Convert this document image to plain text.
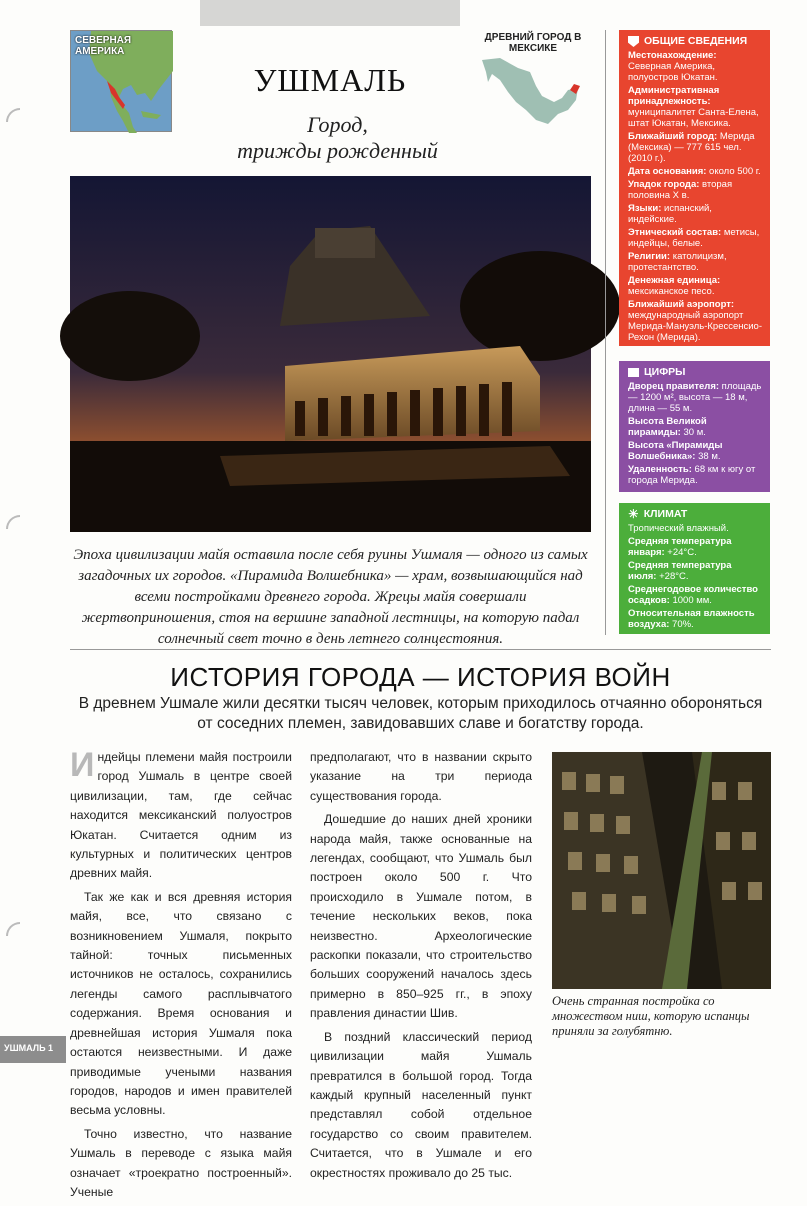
СЕВЕРНАЯ АМЕРИКА
УШМАЛЬ
Город,
трижды рожденный
ДРЕВНИЙ ГОРОД В МЕКСИКЕ
Эпоха цивилизации майя оставила после себя руины Ушмаля — одного из самых загадочных их городов. «Пирамида Волшебника» — храм, возвышающийся над всеми постройками древнего города. Жрецы майя совершали жертвоприношения, стоя на вершине западной лестницы, на которую падал солнечный свет точно в день летнего солнцестояния.
ОБЩИЕ СВЕДЕНИЯ
Местонахождение: Северная Америка, полуостров Юкатан.
Административная принадлежность: муниципалитет Санта-Елена, штат Юкатан, Мексика.
Ближайший город: Мерида (Мексика) — 777 615 чел. (2010 г.).
Дата основания: около 500 г.
Упадок города: вторая половина X в.
Языки: испанский, индейские.
Этнический состав: метисы, индейцы, белые.
Религии: католицизм, протестантство.
Денежная единица: мексиканское песо.
Ближайший аэропорт: международный аэропорт Мерида-Мануэль-Крессенсио-Рехон (Мерида).
ЦИФРЫ
Дворец правителя: площадь — 1200 м², высота — 18 м, длина — 55 м.
Высота Великой пирамиды: 30 м.
Высота «Пирамиды Волшебника»: 38 м.
Удаленность: 68 км к югу от города Мерида.
☀ КЛИМАТ
Тропический влажный.
Средняя температура января: +24°C.
Средняя температура июля: +28°C.
Среднегодовое количество осадков: 1000 мм.
Относительная влажность воздуха: 70%.
ИСТОРИЯ ГОРОДА — ИСТОРИЯ ВОЙН
В древнем Ушмале жили десятки тысяч человек, которым приходилось отчаянно обороняться от соседних племен, завидовавших славе и богатству города.

Индейцы племени майя построили город Ушмаль в центре своей цивилизации, там, где сейчас находится мексиканский полуостров Юкатан. Считается одним из культурных и политических центров древних майя.

Так же как и вся древняя история майя, все, что связано с возникновением Ушмаля, покрыто тайной: точных письменных источников не осталось, сохранились легенды самого расплывчатого содержания. Время основания и древнейшая история Ушмаля пока остаются неизвестными. И даже приводимые учеными названия городов, народов и имен правителей весьма условны.

Точно известно, что название Ушмаль в переводе с языка майя означает «троекратно построенный». Ученые

предполагают, что в названии скрыто указание на три периода существования города.

Дошедшие до наших дней хроники народа майя, также основанные на легендах, сообщают, что Ушмаль был построен около 500 г. Что происходило в Ушмале потом, в течение нескольких веков, пока неизвестно. Археологические раскопки показали, что строительство больших сооружений началось здесь примерно в 850–925 гг., в эпоху правления династии Шив.

В поздний классический период цивилизации майя Ушмаль превратился в большой город. Тогда каждый крупный населенный пункт представлял собой отдельное государство со своим правителем. Считается, что в Ушмале и его окрестностях проживало до 25 тыс.

Очень странная постройка со множеством ниш, которую испанцы приняли за голубятню.
УШМАЛЬ 1
